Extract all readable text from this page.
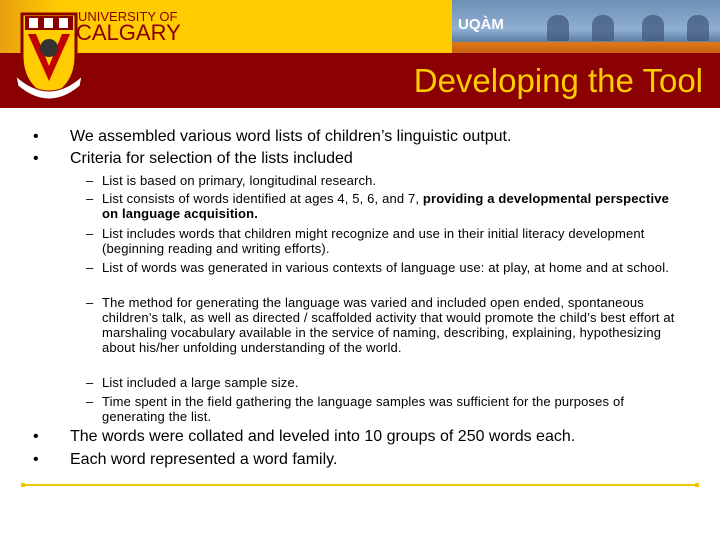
UQÀM
UNIVERSITY OF
CALGARY
Developing the Tool
• We assembled various word lists of children’s linguistic output.
• Criteria for selection of the lists included
– List is based on primary, longitudinal research.
– List consists of words identified at ages 4, 5, 6, and 7, providing a developmental perspective on language acquisition.
– List includes words that children might recognize and use in their initial literacy development (beginning reading and writing efforts).
– List of words was generated in various contexts of language use: at play, at home and at school.
– The method for generating the language was varied and included open ended, spontaneous children’s talk, as well as directed / scaffolded activity that would promote the child’s best effort at marshaling vocabulary available in the service of naming, describing, explaining, hypothesizing about his/her unfolding understanding of the world.
– List included a large sample size.
– Time spent in the field gathering the language samples was sufficient for the purposes of generating the list.
• The words were collated and leveled into 10 groups of 250 words each.
• Each word represented a word family.
